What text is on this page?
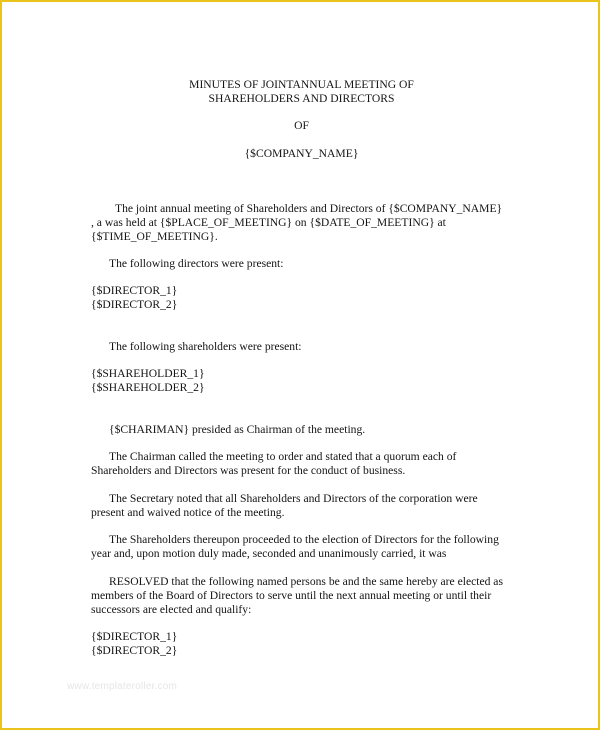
MINUTES OF JOINTANNUAL MEETING OF
SHAREHOLDERS AND DIRECTORS
OF
{$COMPANY_NAME}
The joint annual meeting of Shareholders and Directors of {$COMPANY_NAME}
, a was held at {$PLACE_OF_MEETING} on {$DATE_OF_MEETING} at
{$TIME_OF_MEETING}.
The following directors were present:
{$DIRECTOR_1}
{$DIRECTOR_2}
The following shareholders were present:
{$SHAREHOLDER_1}
{$SHAREHOLDER_2}
{$CHARIMAN} presided as Chairman of the meeting.
The Chairman called the meeting to order and stated that a quorum each of
Shareholders and Directors was present for the conduct of business.
The Secretary noted that all Shareholders and Directors of the corporation were
present and waived notice of the meeting.
The Shareholders thereupon proceeded to the election of Directors for the following
year and, upon motion duly made, seconded and unanimously carried, it was
RESOLVED that the following named persons be and the same hereby are elected as
members of the Board of Directors to serve until the next annual meeting or until their
successors are elected and qualify:
{$DIRECTOR_1}
{$DIRECTOR_2}
www.templateroller.com
